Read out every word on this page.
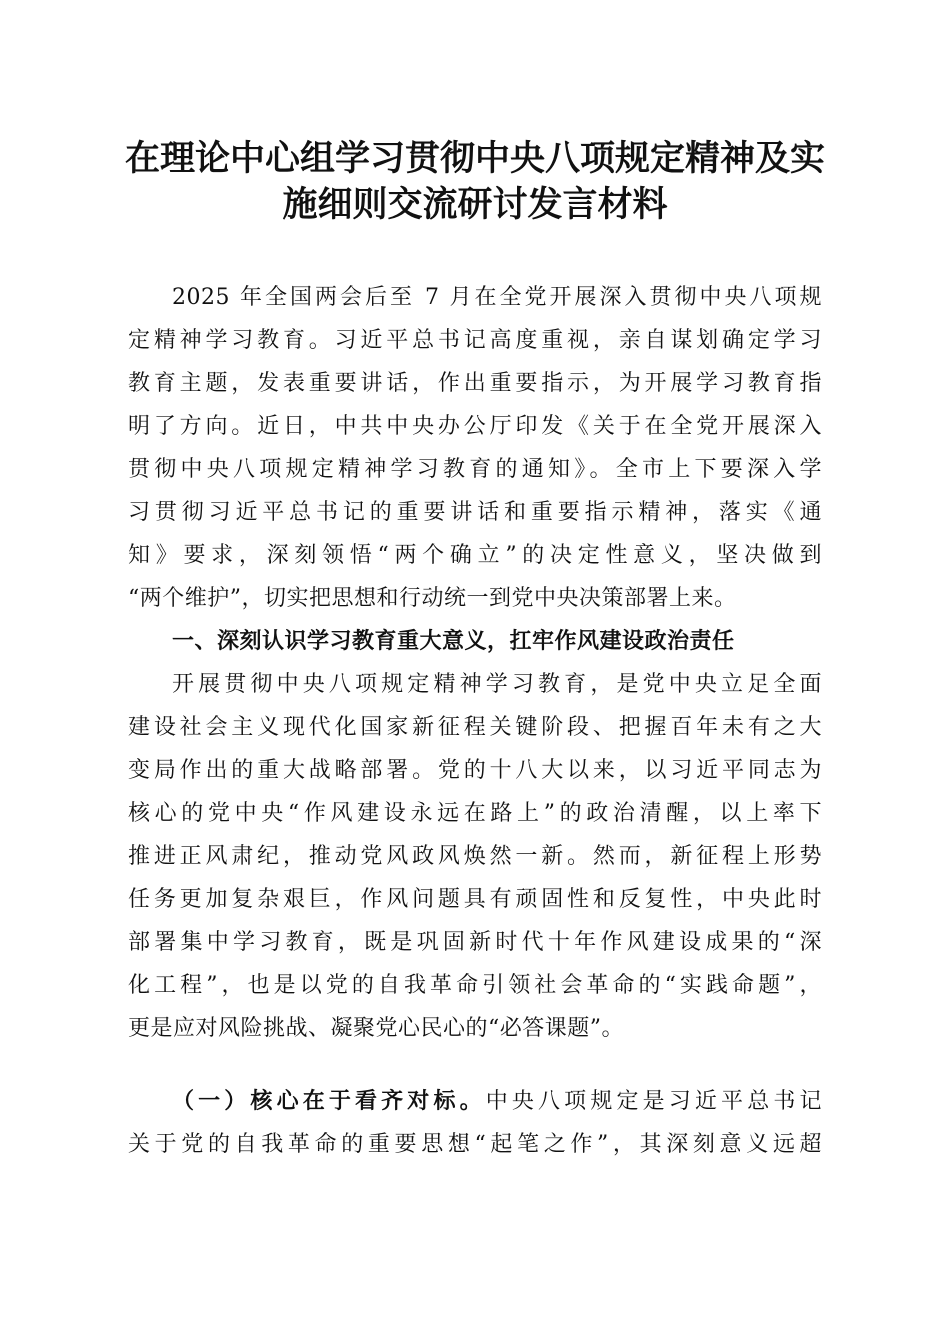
在理论中心组学习贯彻中央八项规定精神及实
施细则交流研讨发言材料
2025 年全国两会后至 7 月在全党开展深入贯彻中央八项规
定精神学习教育。习近平总书记高度重视，亲自谋划确定学习
教育主题，发表重要讲话，作出重要指示，为开展学习教育指
明了方向。近日，中共中央办公厅印发《关于在全党开展深入
贯彻中央八项规定精神学习教育的通知》。全市上下要深入学
习贯彻习近平总书记的重要讲话和重要指示精神，落实《通
知》要求，深刻领悟“两个确立”的决定性意义，坚决做到
“两个维护”，切实把思想和行动统一到党中央决策部署上来。
一、深刻认识学习教育重大意义，扛牢作风建设政治责任
开展贯彻中央八项规定精神学习教育，是党中央立足全面
建设社会主义现代化国家新征程关键阶段、把握百年未有之大
变局作出的重大战略部署。党的十八大以来，以习近平同志为
核心的党中央“作风建设永远在路上”的政治清醒，以上率下
推进正风肃纪，推动党风政风焕然一新。然而，新征程上形势
任务更加复杂艰巨，作风问题具有顽固性和反复性，中央此时
部署集中学习教育，既是巩固新时代十年作风建设成果的“深
化工程”，也是以党的自我革命引领社会革命的“实践命题”，
更是应对风险挑战、凝聚党心民心的“必答课题”。
（一）核心在于看齐对标。中央八项规定是习近平总书记
关于党的自我革命的重要思想“起笔之作”，其深刻意义远超
